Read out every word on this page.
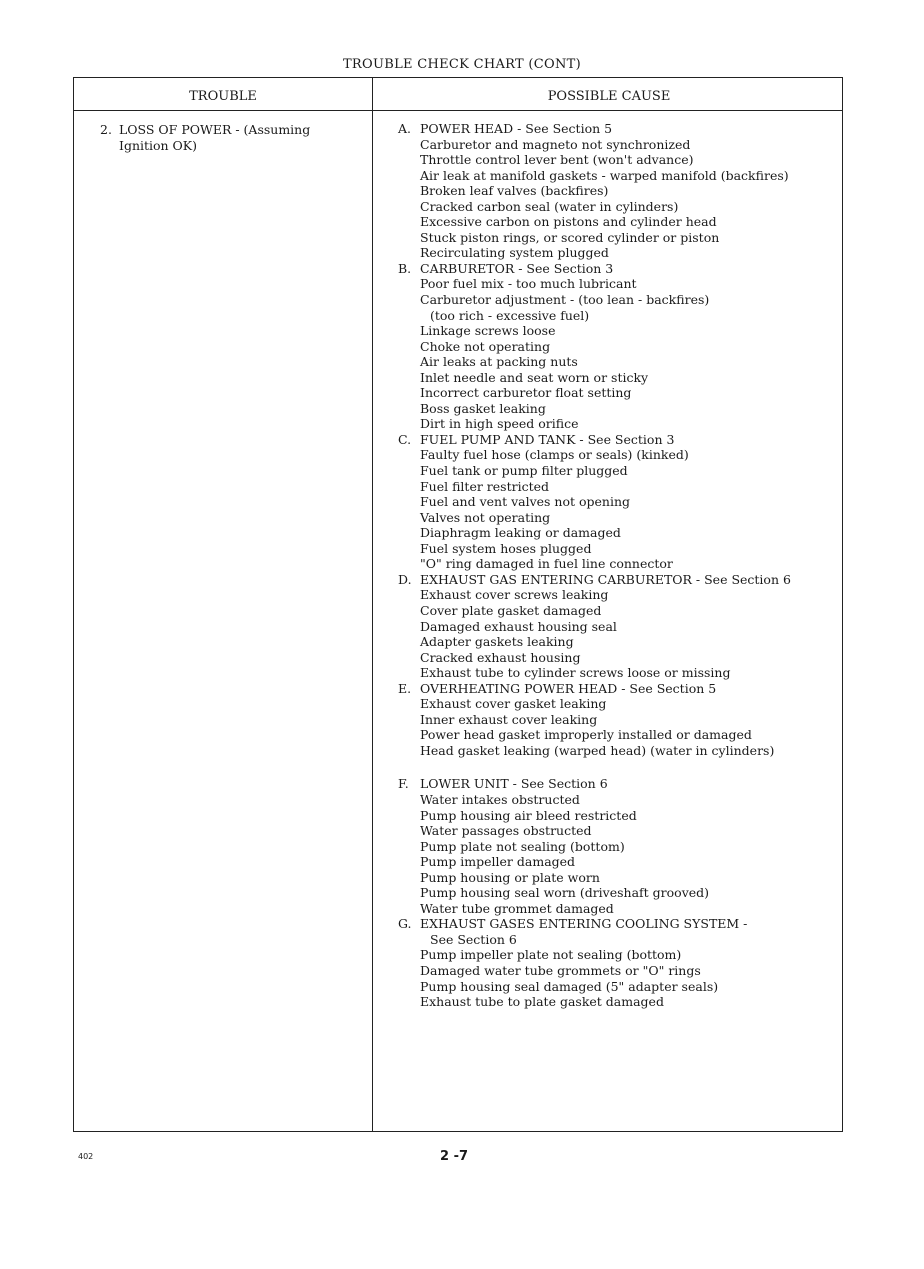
TROUBLE CHECK CHART (CONT)
TROUBLE	POSSIBLE CAUSE
2. LOSS OF POWER - (Assuming Ignition OK)
A. POWER HEAD - See Section 5
Carburetor and magneto not synchronized
Throttle control lever bent (won't advance)
Air leak at manifold gaskets - warped manifold (backfires)
Broken leaf valves (backfires)
Cracked carbon seal (water in cylinders)
Excessive carbon on pistons and cylinder head
Stuck piston rings, or scored cylinder or piston
Recirculating system plugged
B. CARBURETOR - See Section 3
Poor fuel mix - too much lubricant
Carburetor adjustment - (too lean - backfires)
(too rich - excessive fuel)
Linkage screws loose
Choke not operating
Air leaks at packing nuts
Inlet needle and seat worn or sticky
Incorrect carburetor float setting
Boss gasket leaking
Dirt in high speed orifice
C. FUEL PUMP AND TANK - See Section 3
Faulty fuel hose (clamps or seals) (kinked)
Fuel tank or pump filter plugged
Fuel filter restricted
Fuel and vent valves not opening
Valves not operating
Diaphragm leaking or damaged
Fuel system hoses plugged
"O" ring damaged in fuel line connector
D. EXHAUST GAS ENTERING CARBURETOR - See Section 6
Exhaust cover screws leaking
Cover plate gasket damaged
Damaged exhaust housing seal
Adapter gaskets leaking
Cracked exhaust housing
Exhaust tube to cylinder screws loose or missing
E. OVERHEATING POWER HEAD - See Section 5
Exhaust cover gasket leaking
Inner exhaust cover leaking
Power head gasket improperly installed or damaged
Head gasket leaking (warped head) (water in cylinders)
F. LOWER UNIT - See Section 6
Water intakes obstructed
Pump housing air bleed restricted
Water passages obstructed
Pump plate not sealing (bottom)
Pump impeller damaged
Pump housing or plate worn
Pump housing seal worn (driveshaft grooved)
Water tube grommet damaged
G. EXHAUST GASES ENTERING COOLING SYSTEM -
See Section 6
Pump impeller plate not sealing (bottom)
Damaged water tube grommets or "O" rings
Pump housing seal damaged (5" adapter seals)
Exhaust tube to plate gasket damaged
402	2 -7
